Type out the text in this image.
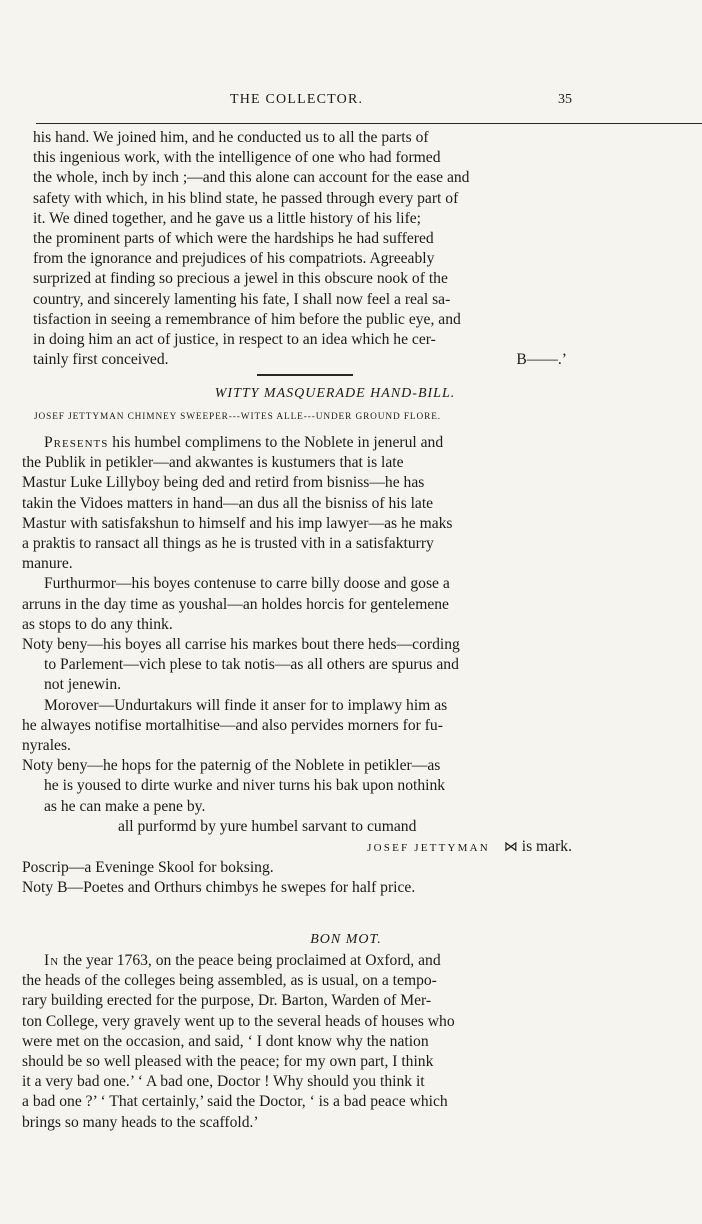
THE COLLECTOR.	35

his hand. We joined him, and he conducted us to all the parts of

this ingenious work, with the intelligence of one who had formed

the whole, inch by inch ;—and this alone can account for the ease and

safety with which, in his blind state, he passed through every part of

it. We dined together, and he gave us a little history of his life;

the prominent parts of which were the hardships he had suffered

from the ignorance and prejudices of his compatriots. Agreeably

surprized at finding so precious a jewel in this obscure nook of the

country, and sincerely lamenting his fate, I shall now feel a real sa-

tisfaction in seeing a remembrance of him before the public eye, and

in doing him an act of justice, in respect to an idea which he cer-

tainly first conceived.	B——.’

WITTY MASQUERADE HAND-BILL.
JOSEF JETTYMAN CHIMNEY SWEEPER---WITES ALLE---UNDER GROUND FLORE.

Presents his humbel complimens to the Noblete in jenerul and

the Publik in petikler—and akwantes is kustumers that is late

Mastur Luke Lillyboy being ded and retird from bisniss—he has

takin the Vidoes matters in hand—an dus all the bisniss of his late

Mastur with satisfakshun to himself and his imp lawyer—as he maks

a praktis to ransact all things as he is trusted vith in a satisfakturry

manure.

Furthurmor—his boyes contenuse to carre billy doose and gose a

arruns in the day time as youshal—an holdes horcis for gentelemene

as stops to do any think.

Noty beny—his boyes all carrise his markes bout there heds—cording

to Parlement—vich plese to tak notis—as all others are spurus and

not jenewin.

Morover—Undurtakurs will finde it anser for to implawy him as

he alwayes notifise mortalhitise—and also pervides morners for fu-

nyrales.

Noty beny—he hops for the paternig of the Noblete in petikler—as

he is yoused to dirte wurke and niver turns his bak upon nothink

as he can make a pene by.

all purformd by yure humbel sarvant to cumand

JOSEF JETTYMAN ⋈ is mark.

Poscrip—a Eveninge Skool for boksing.

Noty B—Poetes and Orthurs chimbys he swepes for half price.

BON MOT.

In the year 1763, on the peace being proclaimed at Oxford, and

the heads of the colleges being assembled, as is usual, on a tempo-

rary building erected for the purpose, Dr. Barton, Warden of Mer-

ton College, very gravely went up to the several heads of houses who

were met on the occasion, and said, ‘ I dont know why the nation

should be so well pleased with the peace; for my own part, I think

it a very bad one.’ ‘ A bad one, Doctor ! Why should you think it

a bad one ?’ ‘ That certainly,’ said the Doctor, ‘ is a bad peace which

brings so many heads to the scaffold.’
